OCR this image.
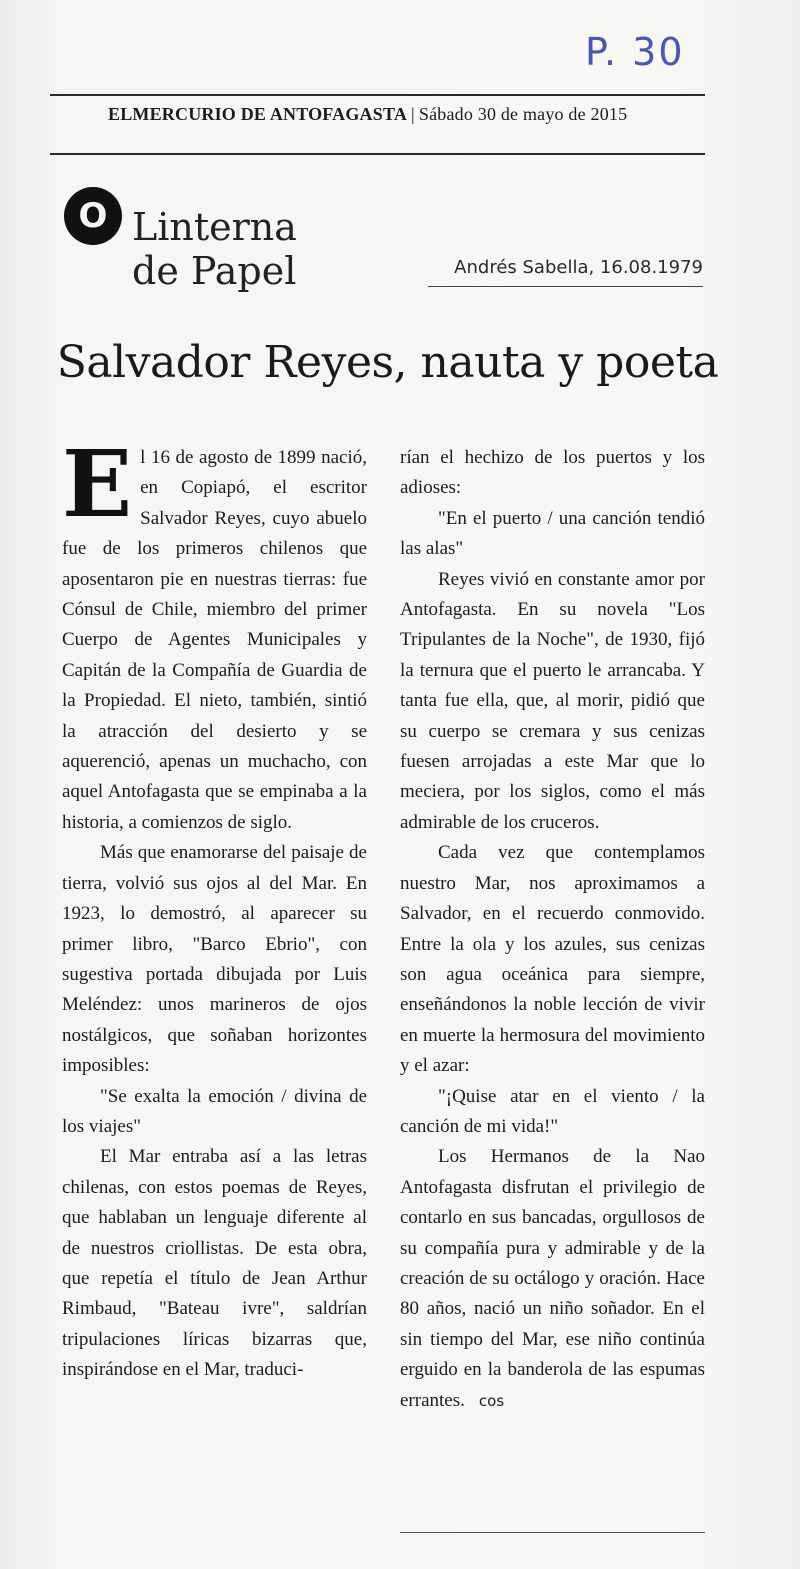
P. 30
ELMERCURIO DE ANTOFAGASTA | Sábado 30 de mayo de 2015
O Linterna
de Papel	Andrés Sabella, 16.08.1979
Salvador Reyes, nauta y poeta

El 16 de agosto de 1899 nació, en Copiapó, el escritor Salvador Reyes, cuyo abuelo fue de los primeros chilenos que aposentaron pie en nuestras tierras: fue Cónsul de Chile, miembro del primer Cuerpo de Agentes Municipales y Capitán de la Compañía de Guardia de la Propiedad. El nieto, también, sintió la atracción del desierto y se aquerenció, apenas un muchacho, con aquel Antofagasta que se empinaba a la historia, a comienzos de siglo.

Más que enamorarse del paisaje de tierra, volvió sus ojos al del Mar. En 1923, lo demostró, al aparecer su primer libro, "Barco Ebrio", con sugestiva portada dibujada por Luis Meléndez: unos marineros de ojos nostálgicos, que soñaban horizontes imposibles:

"Se exalta la emoción / divina de los viajes"

El Mar entraba así a las letras chilenas, con estos poemas de Reyes, que hablaban un lenguaje diferente al de nuestros criollistas. De esta obra, que repetía el título de Jean Arthur Rimbaud, "Bateau ivre", saldrían tripulaciones líricas bizarras que, inspirándose en el Mar, traduci-

rían el hechizo de los puertos y los adioses:

"En el puerto / una canción tendió las alas"

Reyes vivió en constante amor por Antofagasta. En su novela "Los Tripulantes de la Noche", de 1930, fijó la ternura que el puerto le arrancaba. Y tanta fue ella, que, al morir, pidió que su cuerpo se cremara y sus cenizas fuesen arrojadas a este Mar que lo meciera, por los siglos, como el más admirable de los cruceros.

Cada vez que contemplamos nuestro Mar, nos aproximamos a Salvador, en el recuerdo conmovido. Entre la ola y los azules, sus cenizas son agua oceánica para siempre, enseñándonos la noble lección de vivir en muerte la hermosura del movimiento y el azar:

"¡Quise atar en el viento / la canción de mi vida!"

Los Hermanos de la Nao Antofagasta disfrutan el privilegio de contarlo en sus bancadas, orgullosos de su compañía pura y admirable y de la creación de su octálogo y oración. Hace 80 años, nació un niño soñador. En el sin tiempo del Mar, ese niño continúa erguido en la banderola de las espumas errantes. cos
